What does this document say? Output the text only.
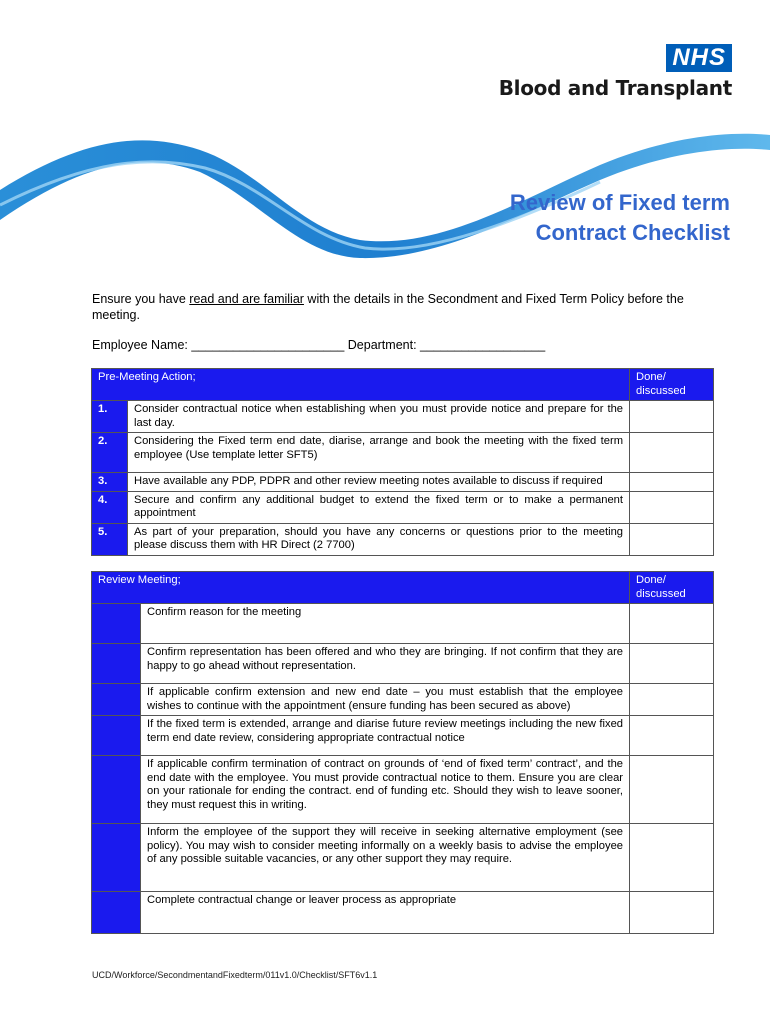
NHS
Blood and Transplant
Review of Fixed term
Contract Checklist
Ensure you have read and are familiar with the details in the Secondment and Fixed Term Policy before the meeting.
Employee Name: ______________________ Department: __________________
Pre-Meeting Action;		Done/ discussed
1.	Consider contractual notice when establishing when you must provide notice and prepare for the last day.	
2.	Considering the Fixed term end date, diarise, arrange and book the meeting with the fixed term employee (Use template letter SFT5)	
3.	Have available any PDP, PDPR and other review meeting notes available to discuss if required	
4.	Secure and confirm any additional budget to extend the fixed term or to make a permanent appointment	
5.	As part of your preparation, should you have any concerns or questions prior to the meeting please discuss them with HR Direct (2 7700)	
Review Meeting;		Done/ discussed
	Confirm reason for the meeting	
	Confirm representation has been offered and who they are bringing. If not confirm that they are happy to go ahead without representation.	
	If applicable confirm extension and new end date – you must establish that the employee wishes to continue with the appointment (ensure funding has been secured as above)	
	If the fixed term is extended, arrange and diarise future review meetings including the new fixed term end date review, considering appropriate contractual notice	
	If applicable confirm termination of contract on grounds of ‘end of fixed term’ contract’, and the end date with the employee. You must provide contractual notice to them. Ensure you are clear on your rationale for ending the contract. end of funding etc. Should they wish to leave sooner, they must request this in writing.	
	Inform the employee of the support they will receive in seeking alternative employment (see policy). You may wish to consider meeting informally on a weekly basis to advise the employee of any possible suitable vacancies, or any other support they may require.	
	Complete contractual change or leaver process as appropriate	
UCD/Workforce/SecondmentandFixedterm/011v1.0/Checklist/SFT6v1.1
